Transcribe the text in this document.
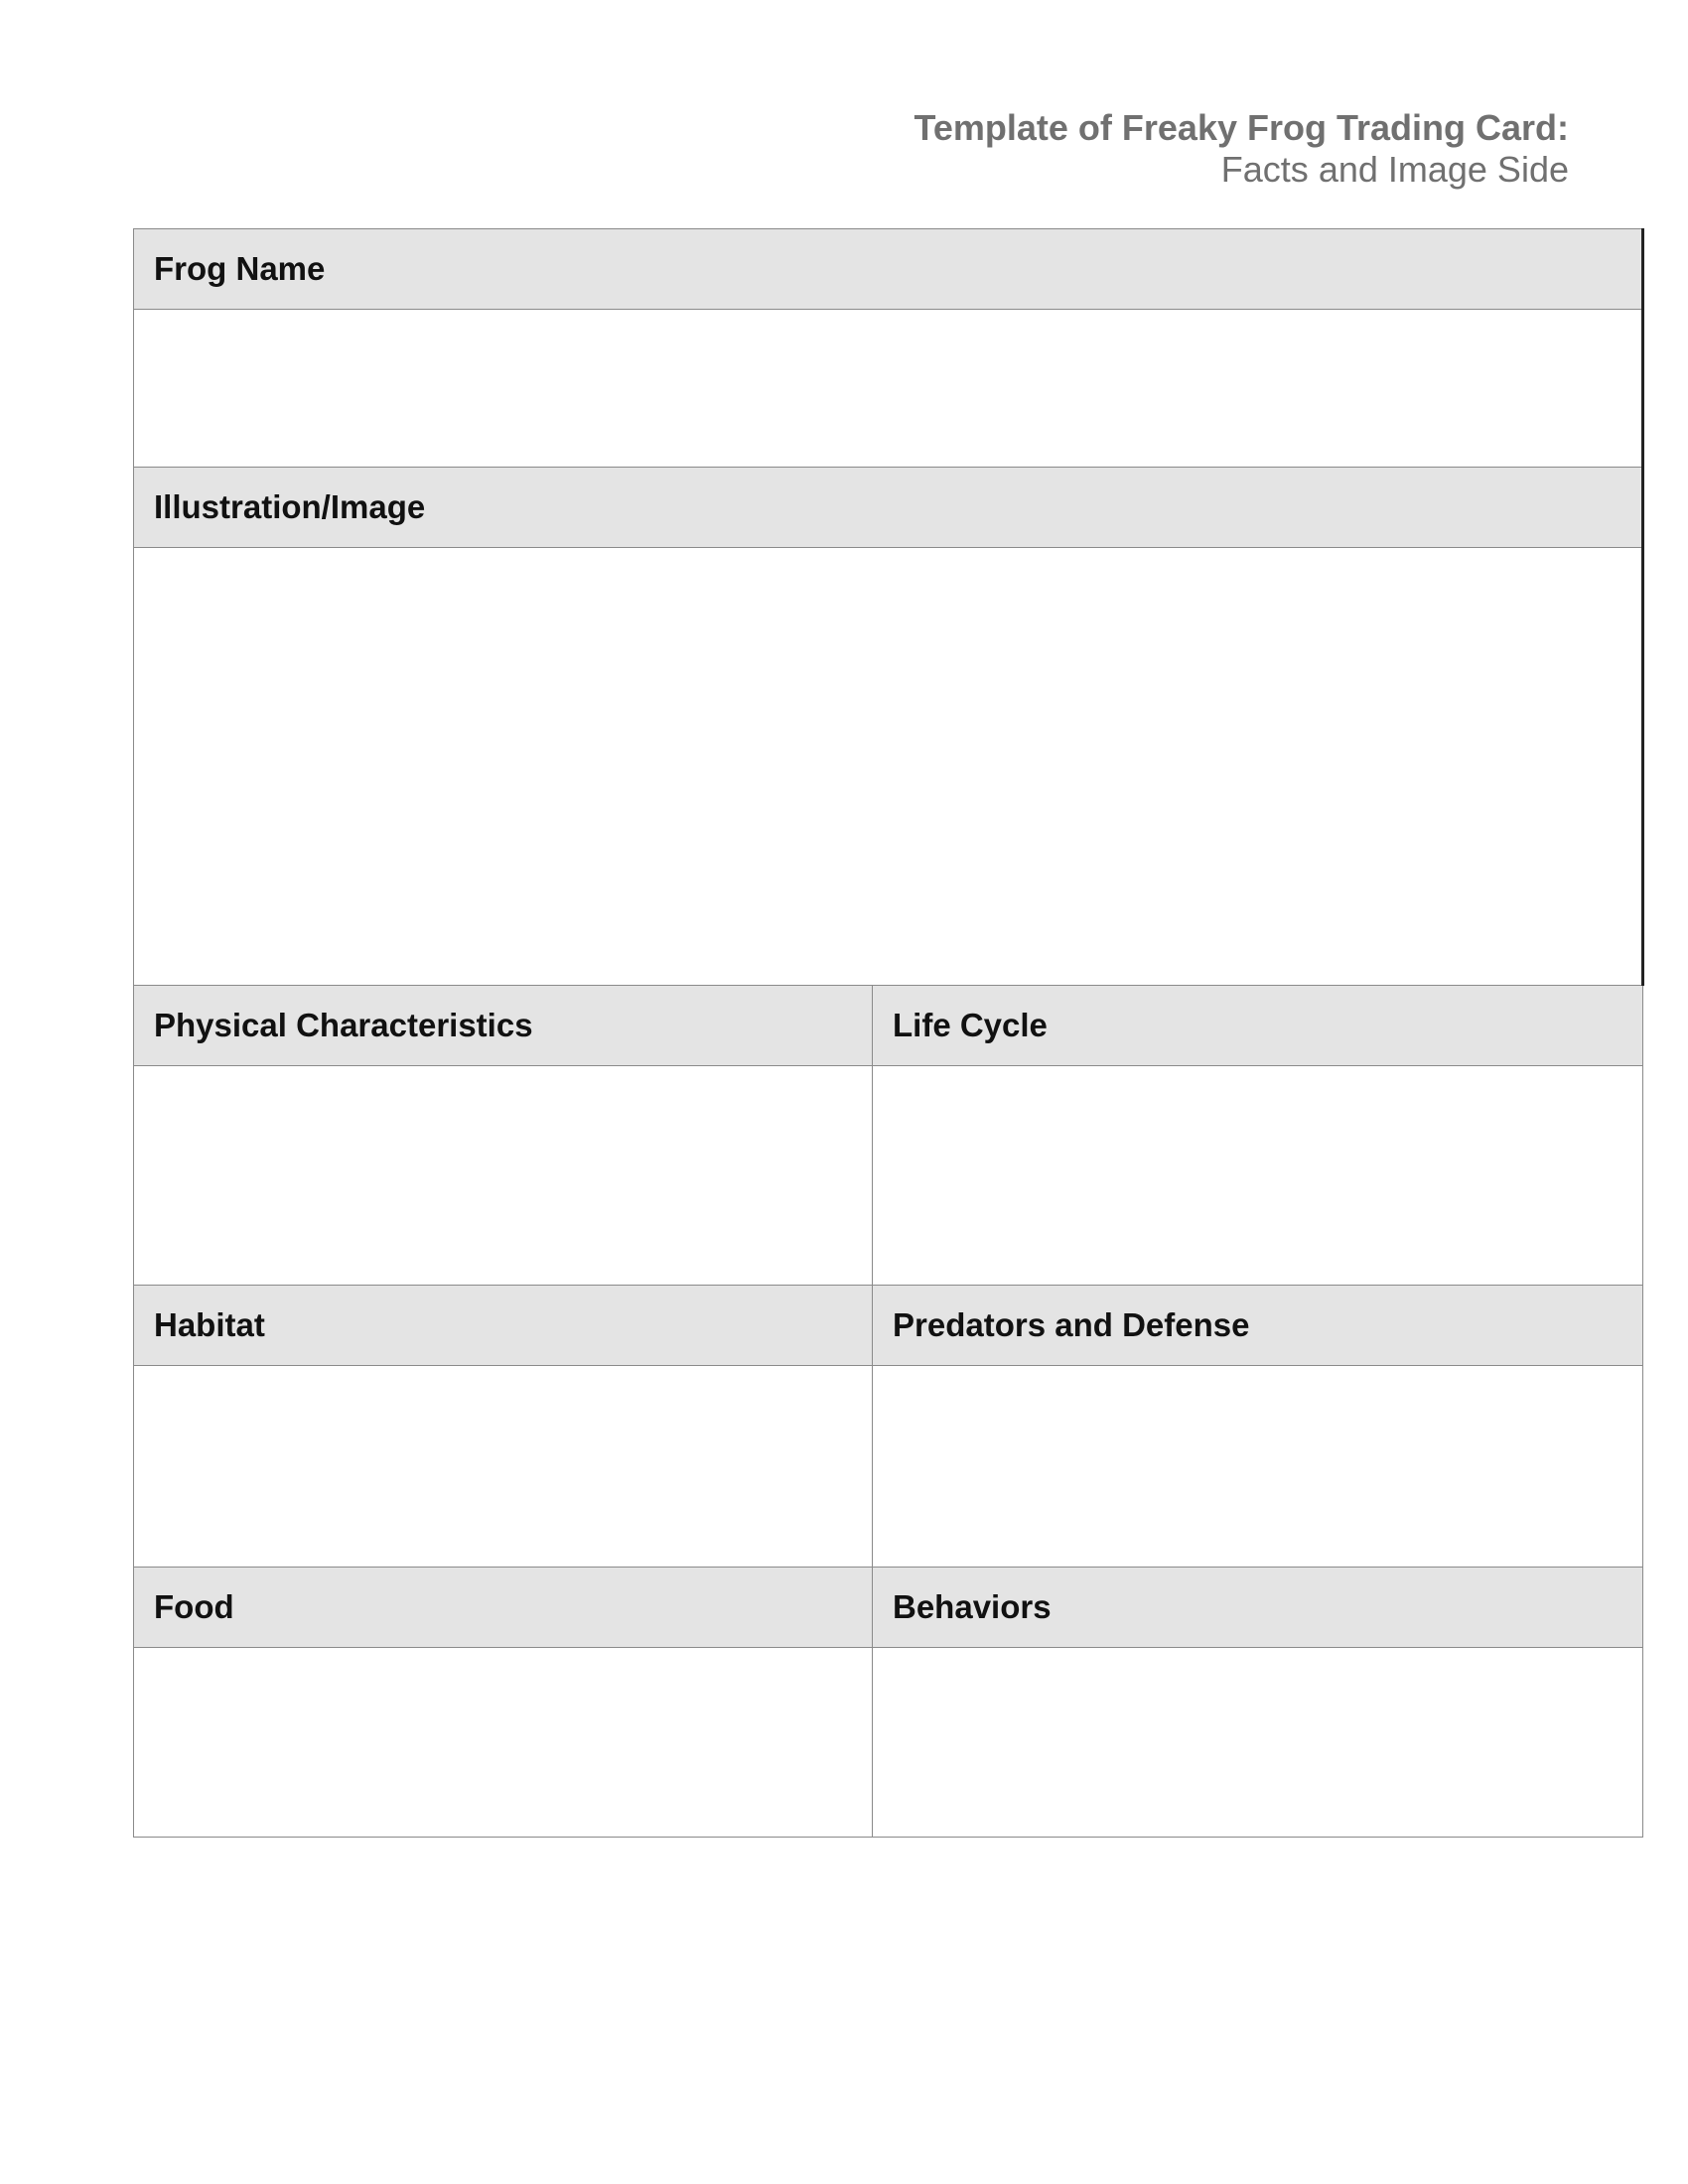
Template of Freaky Frog Trading Card:
Facts and Image Side
Frog Name	

Illustration/Image	

Physical Characteristics	Life Cycle

Habitat	Predators and Defense

Food	Behaviors
